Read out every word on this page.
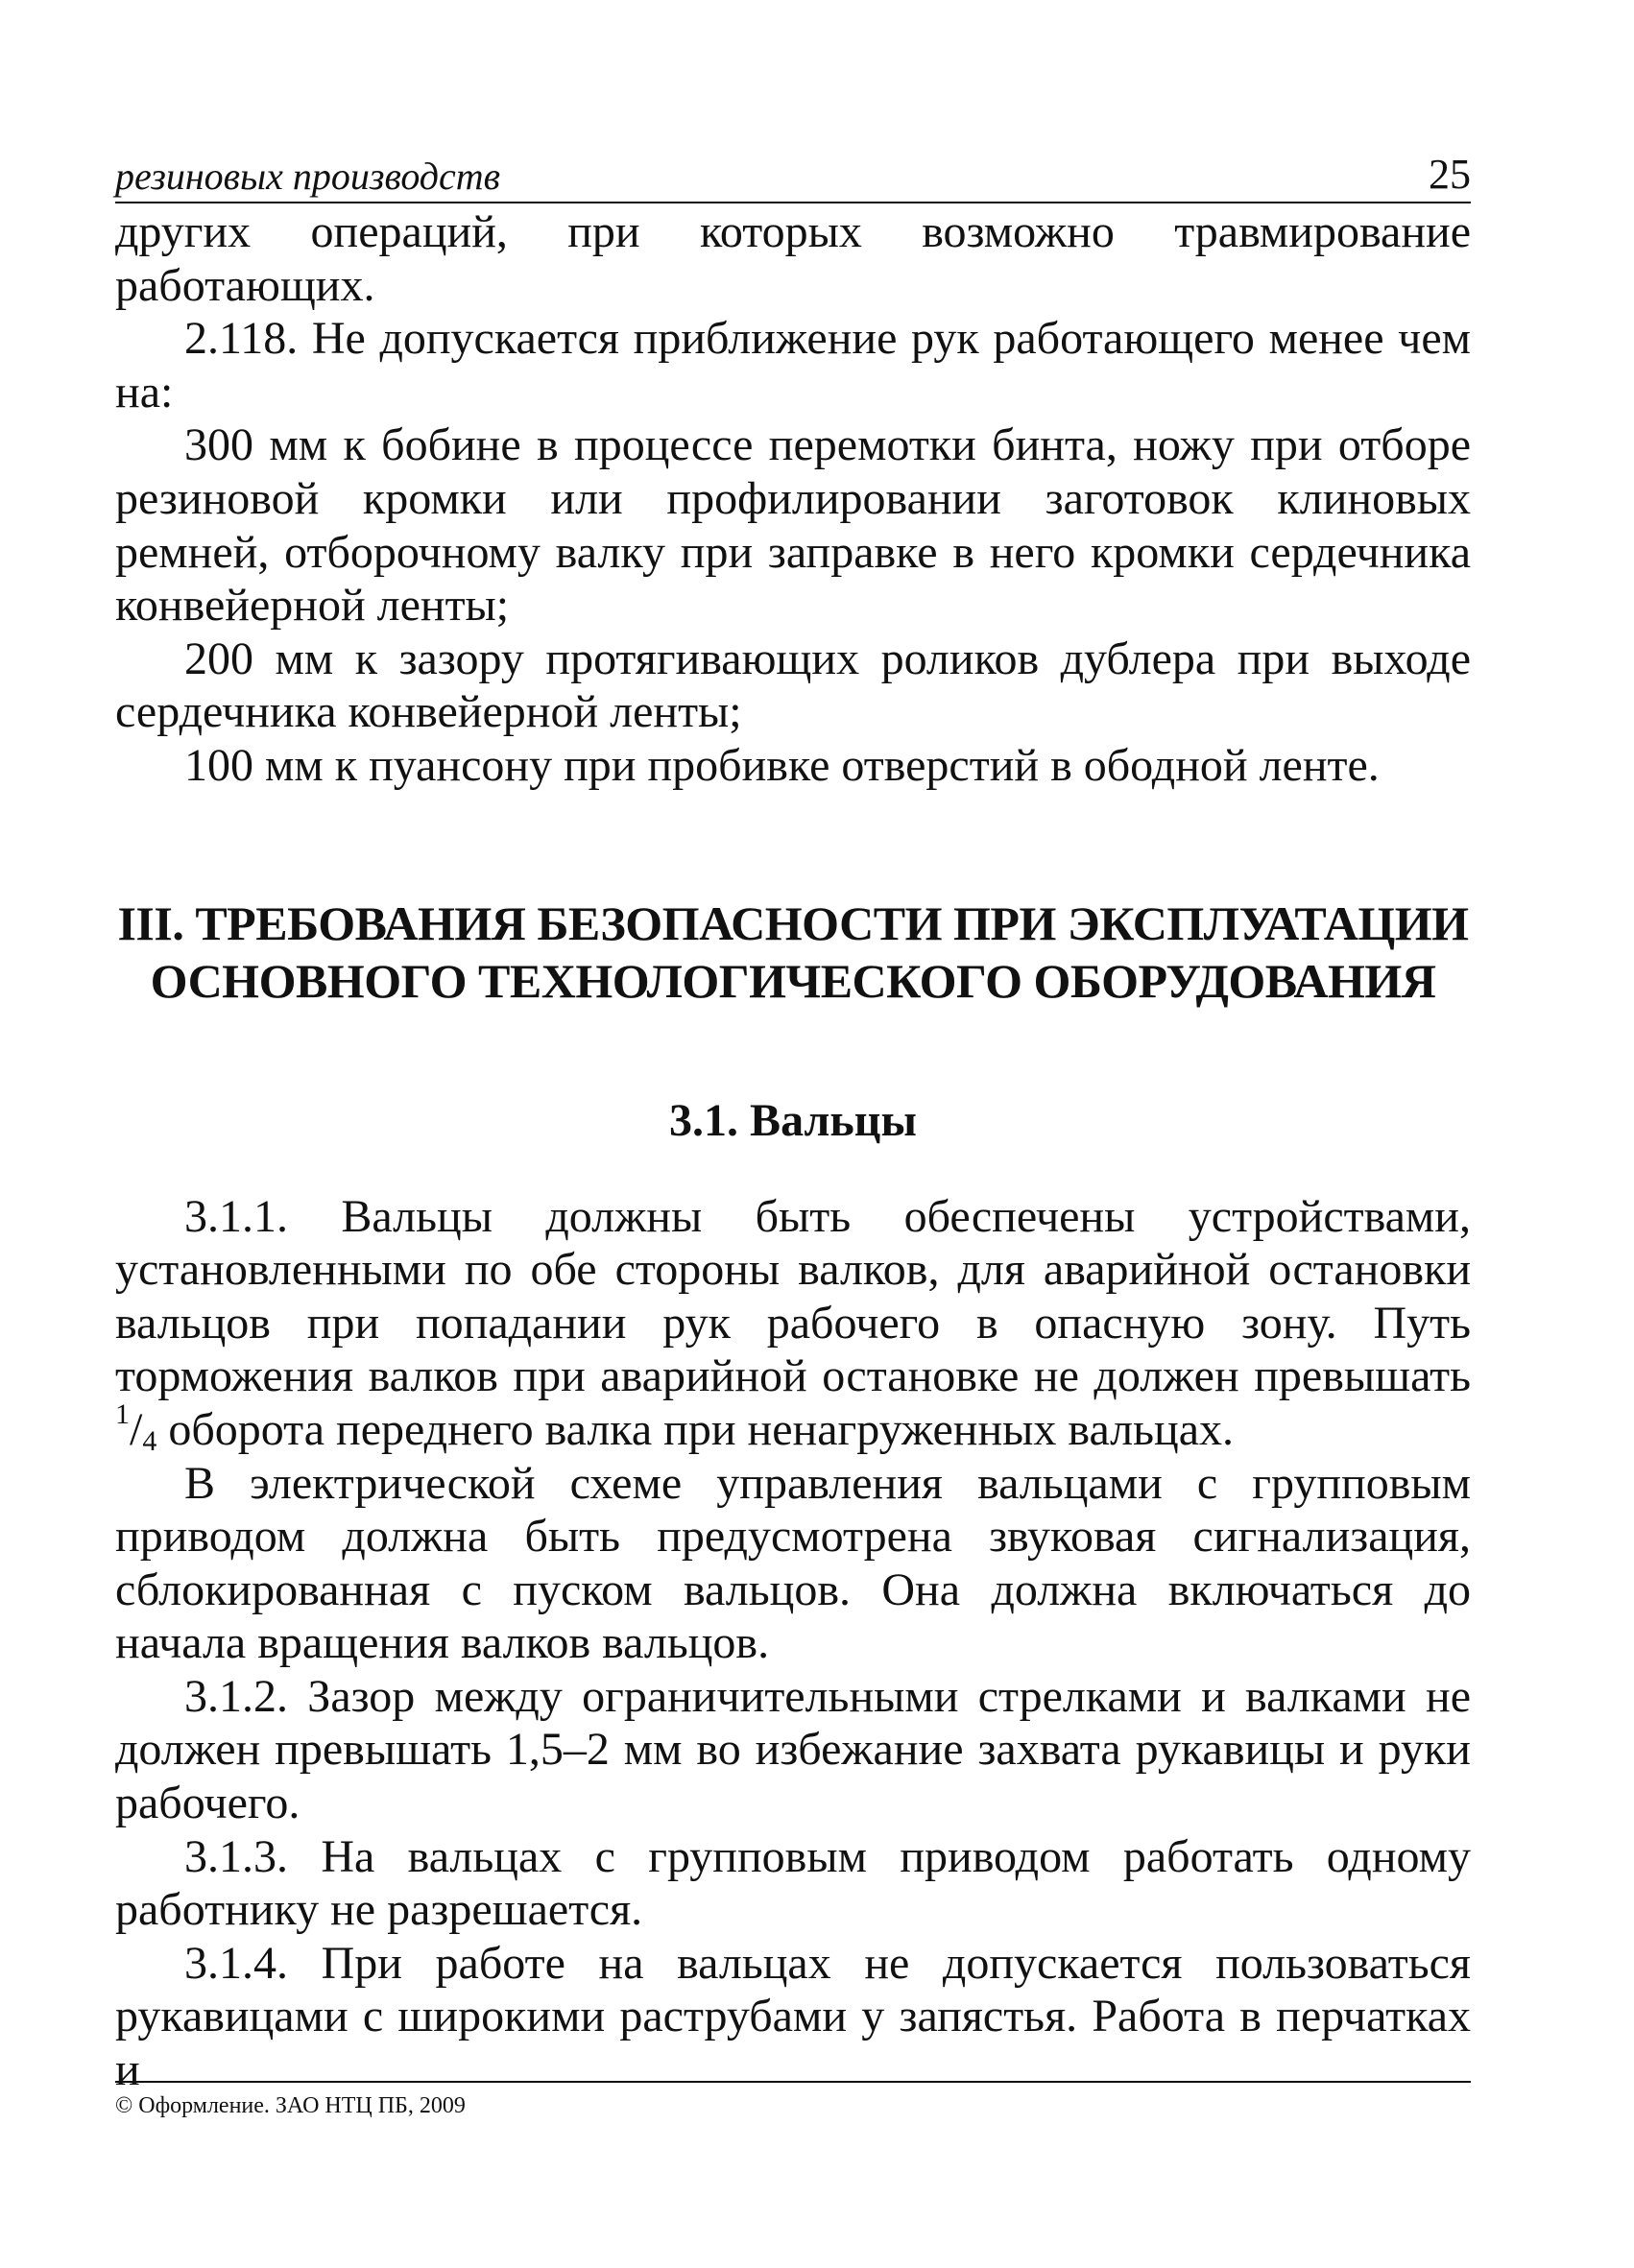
резиновых производств	25

других операций, при которых возможно травмирование работающих.

2.118. Не допускается приближение рук работающего менее чем на:

300 мм к бобине в процессе перемотки бинта, ножу при отборе резиновой кромки или профилировании заготовок клиновых ремней, отборочному валку при заправке в него кромки сердечника конвейерной ленты;

200 мм к зазору протягивающих роликов дублера при выходе сердечника конвейерной ленты;

100 мм к пуансону при пробивке отверстий в ободной ленте.

III. ТРЕБОВАНИЯ БЕЗОПАСНОСТИ ПРИ ЭКСПЛУАТАЦИИ
ОСНОВНОГО ТЕХНОЛОГИЧЕСКОГО ОБОРУДОВАНИЯ
3.1. Вальцы

3.1.1. Вальцы должны быть обеспечены устройствами, установленными по обе стороны валков, для аварийной остановки вальцов при попадании рук рабочего в опасную зону. Путь торможения валков при аварийной остановке не должен превышать $^1/_4$ оборота переднего валка при ненагруженных вальцах.

В электрической схеме управления вальцами с групповым приводом должна быть предусмотрена звуковая сигнализация, сблокированная с пуском вальцов. Она должна включаться до начала вращения валков вальцов.

3.1.2. Зазор между ограничительными стрелками и валками не должен превышать 1,5–2 мм во избежание захвата рукавицы и руки рабочего.

3.1.3. На вальцах с групповым приводом работать одному работнику не разрешается.

3.1.4. При работе на вальцах не допускается пользоваться рукавицами с широкими раструбами у запястья. Работа в перчатках и

© Оформление. ЗАО НТЦ ПБ, 2009
